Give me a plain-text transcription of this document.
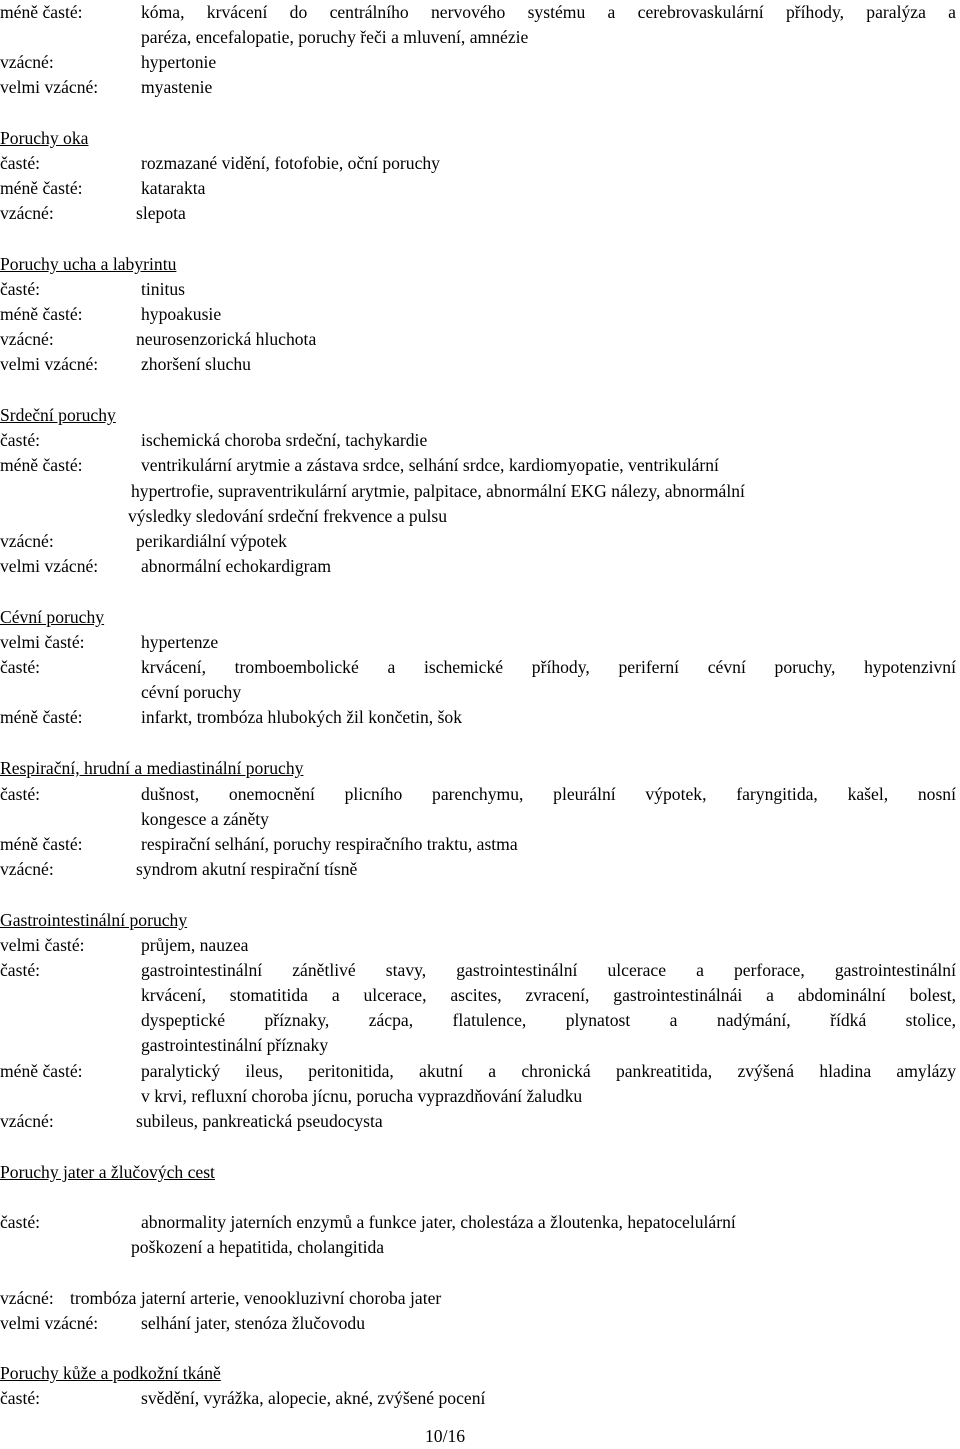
méně časté:	kóma, krvácení do centrálního nervového systému a cerebrovaskulární příhody, paralýza a
paréza, encefalopatie, poruchy řeči a mluvení, amnézie
vzácné:	hypertonie
velmi vzácné: myastenie
Poruchy oka
časté:	rozmazané vidění, fotofobie, oční poruchy
méně časté:	katarakta
vzácné:	slepota
Poruchy ucha a labyrintu
časté:	tinitus
méně časté:	hypoakusie
vzácné:	neurosenzorická hluchota
velmi vzácné: zhoršení sluchu
Srdeční poruchy
časté:	ischemická choroba srdeční, tachykardie
méně časté:	ventrikulární arytmie a zástava srdce, selhání srdce, kardiomyopatie, ventrikulární
hypertrofie, supraventrikulární arytmie, palpitace, abnormální EKG nálezy, abnormální
výsledky sledování srdeční frekvence a pulsu
vzácné:	perikardiální výpotek
velmi vzácné: abnormální echokardigram
Cévní poruchy
velmi časté:	hypertenze
časté:	krvácení, tromboembolické a ischemické příhody, periferní cévní poruchy, hypotenzivní
cévní poruchy
méně časté:	infarkt, trombóza hlubokých žil končetin, šok
Respirační, hrudní a mediastinální poruchy
časté:	dušnost, onemocnění plicního parenchymu, pleurální výpotek, faryngitida, kašel, nosní
kongesce a záněty
méně časté:	respirační selhání, poruchy respiračního traktu, astma
vzácné:	syndrom akutní respirační tísně
Gastrointestinální poruchy
velmi časté:	průjem, nauzea
časté:	gastrointestinální zánětlivé stavy, gastrointestinální ulcerace a perforace, gastrointestinální
krvácení, stomatitida a ulcerace, ascites, zvracení, gastrointestinálnái a abdominální bolest,
dyspeptické příznaky, zácpa, flatulence, plynatost a nadýmání, řídká stolice,
gastrointestinální příznaky
méně časté:	paralytický ileus, peritonitida, akutní a chronická pankreatitida, zvýšená hladina amylázy
v krvi, refluxní choroba jícnu, porucha vyprazdňování žaludku
vzácné:	subileus, pankreatická pseudocysta
Poruchy jater a žlučových cest
časté:	abnormality jaterních enzymů a funkce jater, cholestáza a žloutenka, hepatocelulární
poškození a hepatitida, cholangitida
vzácné: trombóza jaterní arterie, venookluzivní choroba jater
velmi vzácné: selhání jater, stenóza žlučovodu
Poruchy kůže a podkožní tkáně
časté:	svědění, vyrážka, alopecie, akné, zvýšené pocení
10/16
